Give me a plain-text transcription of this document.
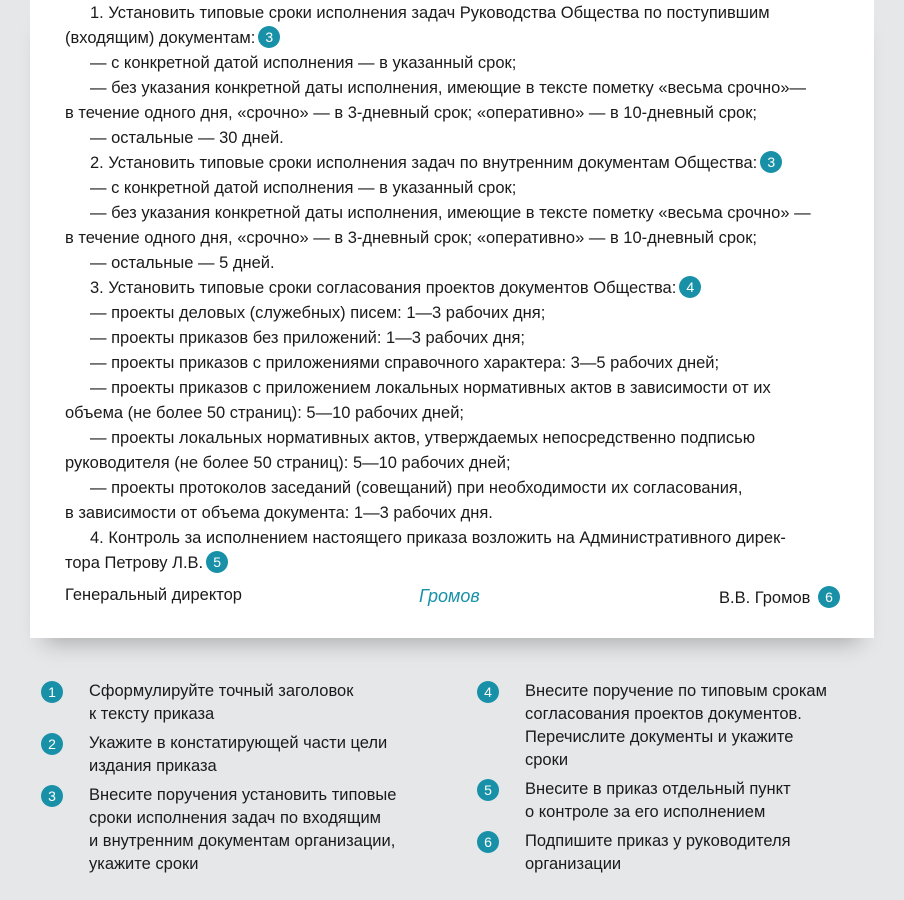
1. Установить типовые сроки исполнения задач Руководства Общества по поступившим
(входящим) документам: 3
— с конкретной датой исполнения — в указанный срок;
— без указания конкретной даты исполнения, имеющие в тексте пометку «весьма срочно»—
в течение одного дня, «срочно» — в 3-дневный срок; «оперативно» — в 10-дневный срок;
— остальные — 30 дней.
2. Установить типовые сроки исполнения задач по внутренним документам Общества: 3
— с конкретной датой исполнения — в указанный срок;
— без указания конкретной даты исполнения, имеющие в тексте пометку «весьма срочно» —
в течение одного дня, «срочно» — в 3-дневный срок; «оперативно» — в 10-дневный срок;
— остальные — 5 дней.
3. Установить типовые сроки согласования проектов документов Общества: 4
— проекты деловых (служебных) писем: 1—3 рабочих дня;
— проекты приказов без приложений: 1—3 рабочих дня;
— проекты приказов с приложениями справочного характера: 3—5 рабочих дней;
— проекты приказов с приложением локальных нормативных актов в зависимости от их
объема (не более 50 страниц): 5—10 рабочих дней;
— проекты локальных нормативных актов, утверждаемых непосредственно подписью
руководителя (не более 50 страниц): 5—10 рабочих дней;
— проекты протоколов заседаний (совещаний) при необходимости их согласования,
в зависимости от объема документа: 1—3 рабочих дня.
4. Контроль за исполнением настоящего приказа возложить на Административного дирек-
тора Петрову Л.В. 5
Генеральный директор	Громов	В.В. Громов 6
1	Сформулируйте точный заголовок
к тексту приказа
2	Укажите в констатирующей части цели
издания приказа
3	Внесите поручения установить типовые
сроки исполнения задач по входящим
и внутренним документам организации,
укажите сроки
4	Внесите поручение по типовым срокам
согласования проектов документов.
Перечислите документы и укажите
сроки
5	Внесите в приказ отдельный пункт
о контроле за его исполнением
6	Подпишите приказ у руководителя
организации
